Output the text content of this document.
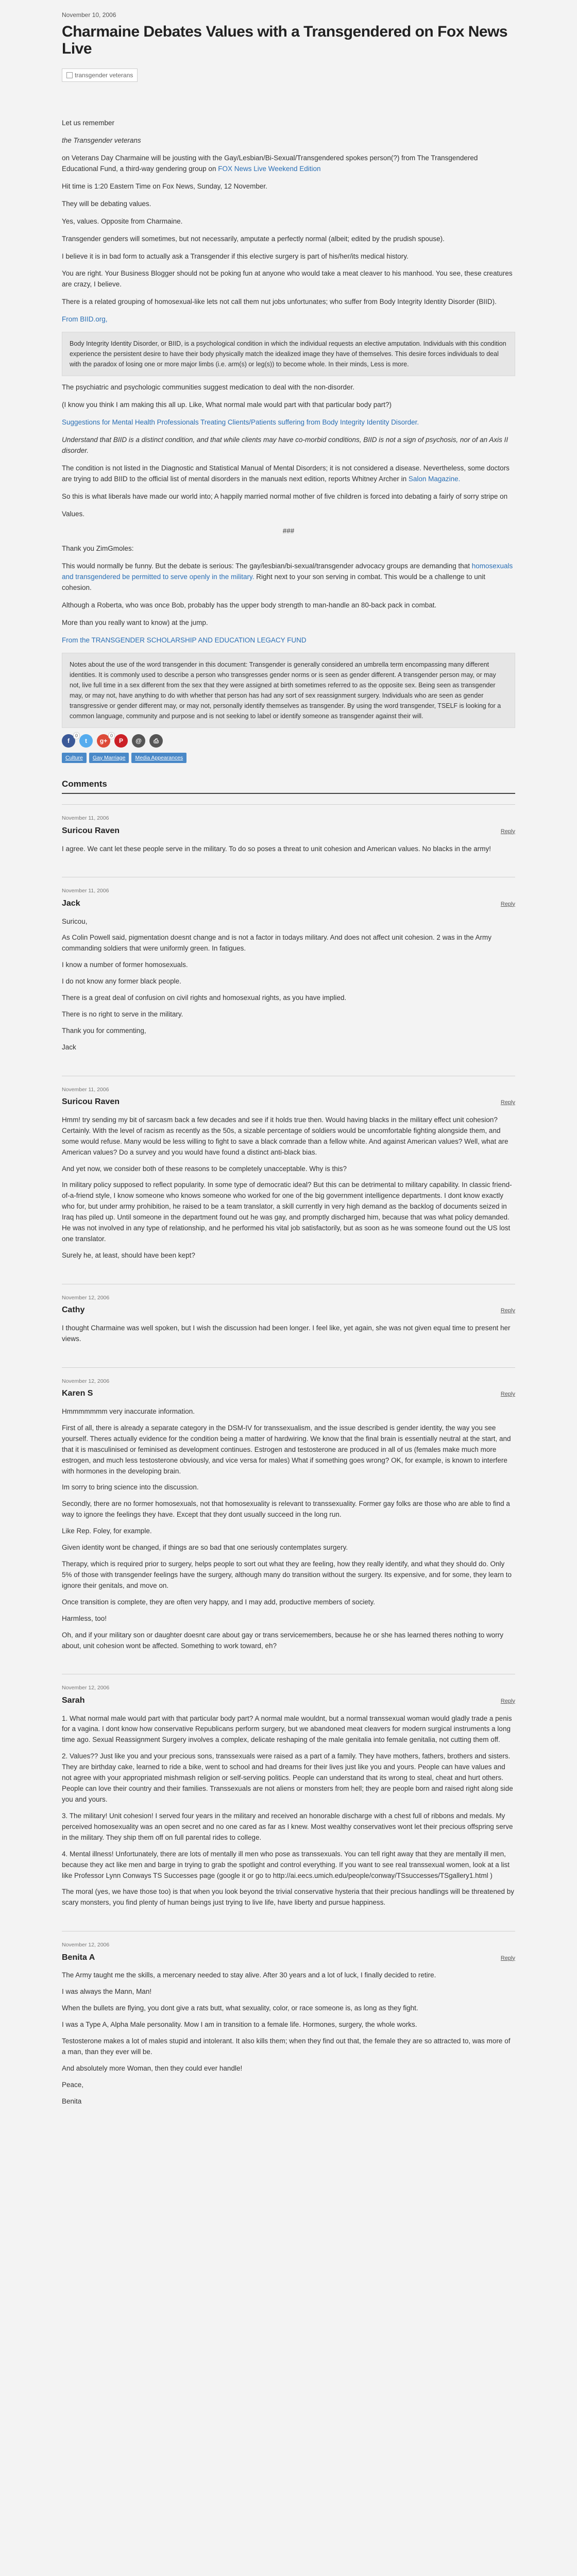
November 10, 2006
Charmaine Debates Values with a Transgendered on Fox News Live
transgender veterans

Let us remember

the Transgender veterans

on Veterans Day Charmaine will be jousting with the Gay/Lesbian/Bi-Sexual/Transgendered spokes person(?) from The Transgendered Educational Fund, a third-way gendering group on FOX News Live Weekend Edition

Hit time is 1:20 Eastern Time on Fox News, Sunday, 12 November.

They will be debating values.

Yes, values. Opposite from Charmaine.

Transgender genders will sometimes, but not necessarily, amputate a perfectly normal (albeit; edited by the prudish spouse).

I believe it is in bad form to actually ask a Transgender if this elective surgery is part of his/her/its medical history.

You are right. Your Business Blogger should not be poking fun at anyone who would take a meat cleaver to his manhood. You see, these creatures are crazy, I believe.

There is a related grouping of homosexual-like lets not call them nut jobs unfortunates; who suffer from Body Integrity Identity Disorder (BIID).

From BIID.org,

Body Integrity Identity Disorder, or BIID, is a psychological condition in which the individual requests an elective amputation. Individuals with this condition experience the persistent desire to have their body physically match the idealized image they have of themselves. This desire forces individuals to deal with the paradox of losing one or more major limbs (i.e. arm(s) or leg(s)) to become whole. In their minds, Less is more.

The psychiatric and psychologic communities suggest medication to deal with the non-disorder.

(I know you think I am making this all up. Like, What normal male would part with that particular body part?)

Suggestions for Mental Health Professionals Treating Clients/Patients suffering from Body Integrity Identity Disorder.

Understand that BIID is a distinct condition, and that while clients may have co-morbid conditions, BIID is not a sign of psychosis, nor of an Axis II disorder.

The condition is not listed in the Diagnostic and Statistical Manual of Mental Disorders; it is not considered a disease. Nevertheless, some doctors are trying to add BIID to the official list of mental disorders in the manuals next edition, reports Whitney Archer in Salon Magazine.

So this is what liberals have made our world into; A happily married normal mother of five children is forced into debating a fairly of sorry stripe on

Values.

###

Thank you ZimGmoles:

This would normally be funny. But the debate is serious: The gay/lesbian/bi-sexual/transgender advocacy groups are demanding that homosexuals and transgendered be permitted to serve openly in the military. Right next to your son serving in combat. This would be a challenge to unit cohesion.

Although a Roberta, who was once Bob, probably has the upper body strength to man-handle an 80-back pack in combat.

More than you really want to know) at the jump.

From the TRANSGENDER SCHOLARSHIP AND EDUCATION LEGACY FUND

Notes about the use of the word transgender in this document: Transgender is generally considered an umbrella term encompassing many different identities. It is commonly used to describe a person who transgresses gender norms or is seen as gender different. A transgender person may, or may not, live full time in a sex different from the sex that they were assigned at birth sometimes referred to as the opposite sex. Being seen as transgender may, or may not, have anything to do with whether that person has had any sort of sex reassignment surgery. Individuals who are seen as gender transgressive or gender different may, or may not, personally identify themselves as transgender. By using the word transgender, TSELF is looking for a common language, community and purpose and is not seeking to label or identify someone as transgender against their will.
f
0
t	g+
0
P	@	⎙
Culture	Gay Marriage	Media Appearances
Comments
November 11, 2006
Suricou Raven	Reply

I agree. We cant let these people serve in the military. To do so poses a threat to unit cohesion and American values. No blacks in the army!

November 11, 2006
Jack	Reply

Suricou,

As Colin Powell said, pigmentation doesnt change and is not a factor in todays military. And does not affect unit cohesion. 2 was in the Army commanding soldiers that were uniformly green. In fatigues.

I know a number of former homosexuals.

I do not know any former black people.

There is a great deal of confusion on civil rights and homosexual rights, as you have implied.

There is no right to serve in the military.

Thank you for commenting,

Jack

November 11, 2006
Suricou Raven	Reply

Hmm! try sending my bit of sarcasm back a few decades and see if it holds true then. Would having blacks in the military effect unit cohesion? Certainly. With the level of racism as recently as the 50s, a sizable percentage of soldiers would be uncomfortable fighting alongside them, and some would refuse. Many would be less willing to fight to save a black comrade than a fellow white. And against American values? Well, what are American values? Do a survey and you would have found a distinct anti-black bias.

And yet now, we consider both of these reasons to be completely unacceptable. Why is this?

In military policy supposed to reflect popularity. In some type of democratic ideal? But this can be detrimental to military capability. In classic friend-of-a-friend style, I know someone who knows someone who worked for one of the big government intelligence departments. I dont know exactly who for, but under army prohibition, he raised to be a team translator, a skill currently in very high demand as the backlog of documents seized in Iraq has piled up. Until someone in the department found out he was gay, and promptly discharged him, because that was what policy demanded. He was not involved in any type of relationship, and he performed his vital job satisfactorily, but as soon as he was someone found out the US lost one translator.

Surely he, at least, should have been kept?

November 12, 2006
Cathy	Reply

I thought Charmaine was well spoken, but I wish the discussion had been longer. I feel like, yet again, she was not given equal time to present her views.

November 12, 2006
Karen S	Reply

Hmmmmmmm very inaccurate information.

First of all, there is already a separate category in the DSM-IV for transsexualism, and the issue described is gender identity, the way you see yourself. Theres actually evidence for the condition being a matter of hardwiring. We know that the final brain is essentially neutral at the start, and that it is masculinised or feminised as development continues. Estrogen and testosterone are produced in all of us (females make much more estrogen, and much less testosterone obviously, and vice versa for males) What if something goes wrong? OK, for example, is known to interfere with hormones in the developing brain.

Im sorry to bring science into the discussion.

Secondly, there are no former homosexuals, not that homosexuality is relevant to transsexuality. Former gay folks are those who are able to find a way to ignore the feelings they have. Except that they dont usually succeed in the long run.

Like Rep. Foley, for example.

Given identity wont be changed, if things are so bad that one seriously contemplates surgery.

Therapy, which is required prior to surgery, helps people to sort out what they are feeling, how they really identify, and what they should do. Only 5% of those with transgender feelings have the surgery, although many do transition without the surgery. Its expensive, and for some, they learn to ignore their genitals, and move on.

Once transition is complete, they are often very happy, and I may add, productive members of society.

Harmless, too!

Oh, and if your military son or daughter doesnt care about gay or trans servicemembers, because he or she has learned theres nothing to worry about, unit cohesion wont be affected. Something to work toward, eh?

November 12, 2006
Sarah	Reply

1. What normal male would part with that particular body part? A normal male wouldnt, but a normal transsexual woman would gladly trade a penis for a vagina. I dont know how conservative Republicans perform surgery, but we abandoned meat cleavers for modern surgical instruments a long time ago. Sexual Reassignment Surgery involves a complex, delicate reshaping of the male genitalia into female genitalia, not cutting them off.

2. Values?? Just like you and your precious sons, transsexuals were raised as a part of a family. They have mothers, fathers, brothers and sisters. They are birthday cake, learned to ride a bike, went to school and had dreams for their lives just like you and yours. People can have values and not agree with your appropriated mishmash religion or self-serving politics. People can understand that its wrong to steal, cheat and hurt others. People can love their country and their families. Transsexuals are not aliens or monsters from hell; they are people born and raised right along side you and yours.

3. The military! Unit cohesion! I served four years in the military and received an honorable discharge with a chest full of ribbons and medals. My perceived homosexuality was an open secret and no one cared as far as I knew. Most wealthy conservatives wont let their precious offspring serve in the military. They ship them off on full parental rides to college.

4. Mental illness! Unfortunately, there are lots of mentally ill men who pose as transsexuals. You can tell right away that they are mentally ill men, because they act like men and barge in trying to grab the spotlight and control everything. If you want to see real transsexual women, look at a list like Professor Lynn Conways TS Successes page (google it or go to http://ai.eecs.umich.edu/people/conway/TSsuccesses/TSgallery1.html )

The moral (yes, we have those too) is that when you look beyond the trivial conservative hysteria that their precious handlings will be threatened by scary monsters, you find plenty of human beings just trying to live life, have liberty and pursue happiness.

November 12, 2006
Benita A	Reply

The Army taught me the skills, a mercenary needed to stay alive. After 30 years and a lot of luck, I finally decided to retire.

I was always the Mann, Man!

When the bullets are flying, you dont give a rats butt, what sexuality, color, or race someone is, as long as they fight.

I was a Type A, Alpha Male personality. Mow I am in transition to a female life. Hormones, surgery, the whole works.

Testosterone makes a lot of males stupid and intolerant. It also kills them; when they find out that, the female they are so attracted to, was more of a man, than they ever will be.

And absolutely more Woman, then they could ever handle!

Peace,

Benita
